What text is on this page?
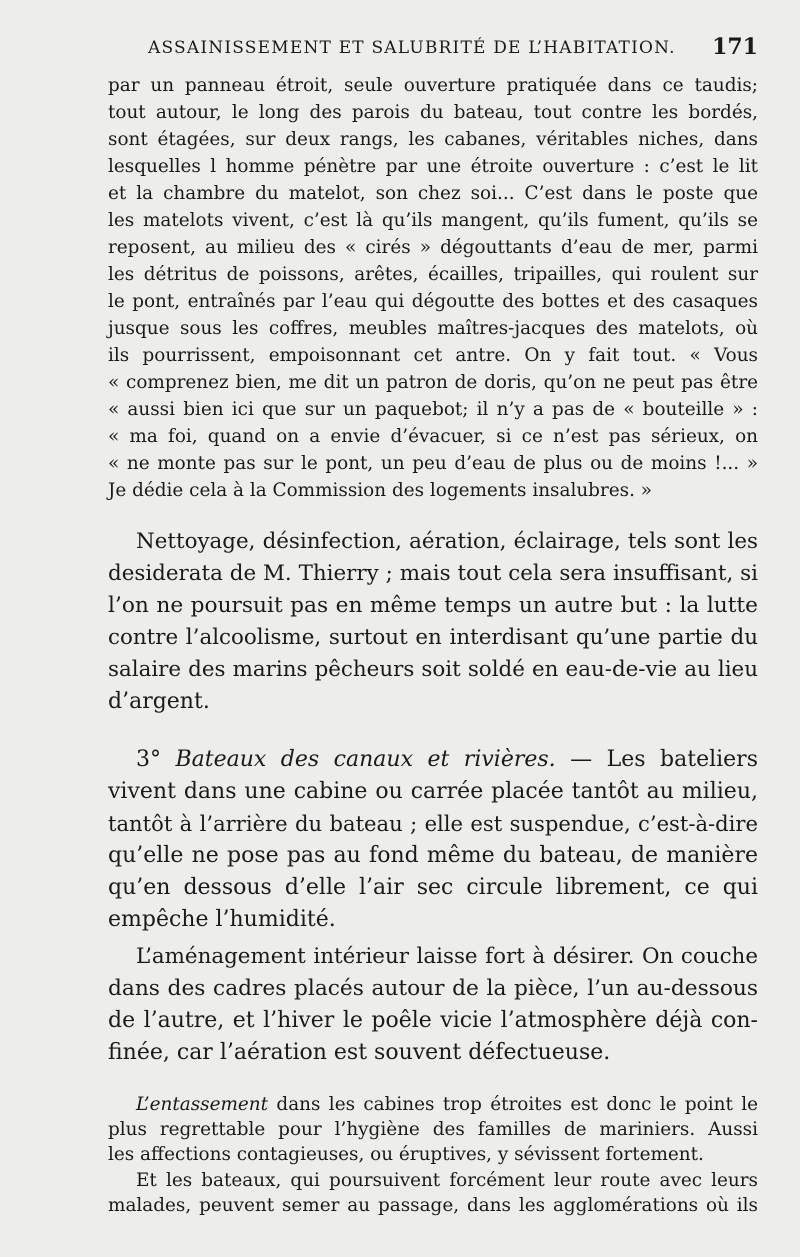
ASSAINISSEMENT ET SALUBRITÉ DE L’HABITATION. 171
par un panneau étroit, seule ouverture pratiquée dans ce taudis;
tout autour, le long des parois du bateau, tout contre les bordés,
sont étagées, sur deux rangs, les cabanes, véritables niches, dans
lesquelles l homme pénètre par une étroite ouverture : c’est le lit
et la chambre du matelot, son chez soi... C’est dans le poste que
les matelots vivent, c’est là qu’ils mangent, qu’ils fument, qu’ils se
reposent, au milieu des « cirés » dégouttants d’eau de mer, parmi
les détritus de poissons, arêtes, écailles, tripailles, qui roulent sur
le pont, entraînés par l’eau qui dégoutte des bottes et des casaques
jusque sous les coffres, meubles maîtres-jacques des matelots, où
ils pourrissent, empoisonnant cet antre. On y fait tout. « Vous
« comprenez bien, me dit un patron de doris, qu’on ne peut pas être
« aussi bien ici que sur un paquebot; il n’y a pas de « bouteille » :
« ma foi, quand on a envie d’évacuer, si ce n’est pas sérieux, on
« ne monte pas sur le pont, un peu d’eau de plus ou de moins !... »
Je dédie cela à la Commission des logements insalubres. »
Nettoyage, désinfection, aération, éclairage, tels sont les
desiderata de M. Thierry ; mais tout cela sera insuffisant, si
l’on ne poursuit pas en même temps un autre but : la lutte
contre l’alcoolisme, surtout en interdisant qu’une partie du
salaire des marins pêcheurs soit soldé en eau-de-vie au lieu
d’argent.
3° Bateaux des canaux et rivières. — Les bateliers
vivent dans une cabine ou carrée placée tantôt au milieu,
tantôt à l’arrière du bateau ; elle est suspendue, c’est-à-dire
qu’elle ne pose pas au fond même du bateau, de manière
qu’en dessous d’elle l’air sec circule librement, ce qui
empêche l’humidité.
L’aménagement intérieur laisse fort à désirer. On couche
dans des cadres placés autour de la pièce, l’un au-dessous
de l’autre, et l’hiver le poêle vicie l’atmosphère déjà con-
finée, car l’aération est souvent défectueuse.
L’entassement dans les cabines trop étroites est donc le point le
plus regrettable pour l’hygiène des familles de mariniers. Aussi
les affections contagieuses, ou éruptives, y sévissent fortement.
Et les bateaux, qui poursuivent forcément leur route avec leurs
malades, peuvent semer au passage, dans les agglomérations où ils
